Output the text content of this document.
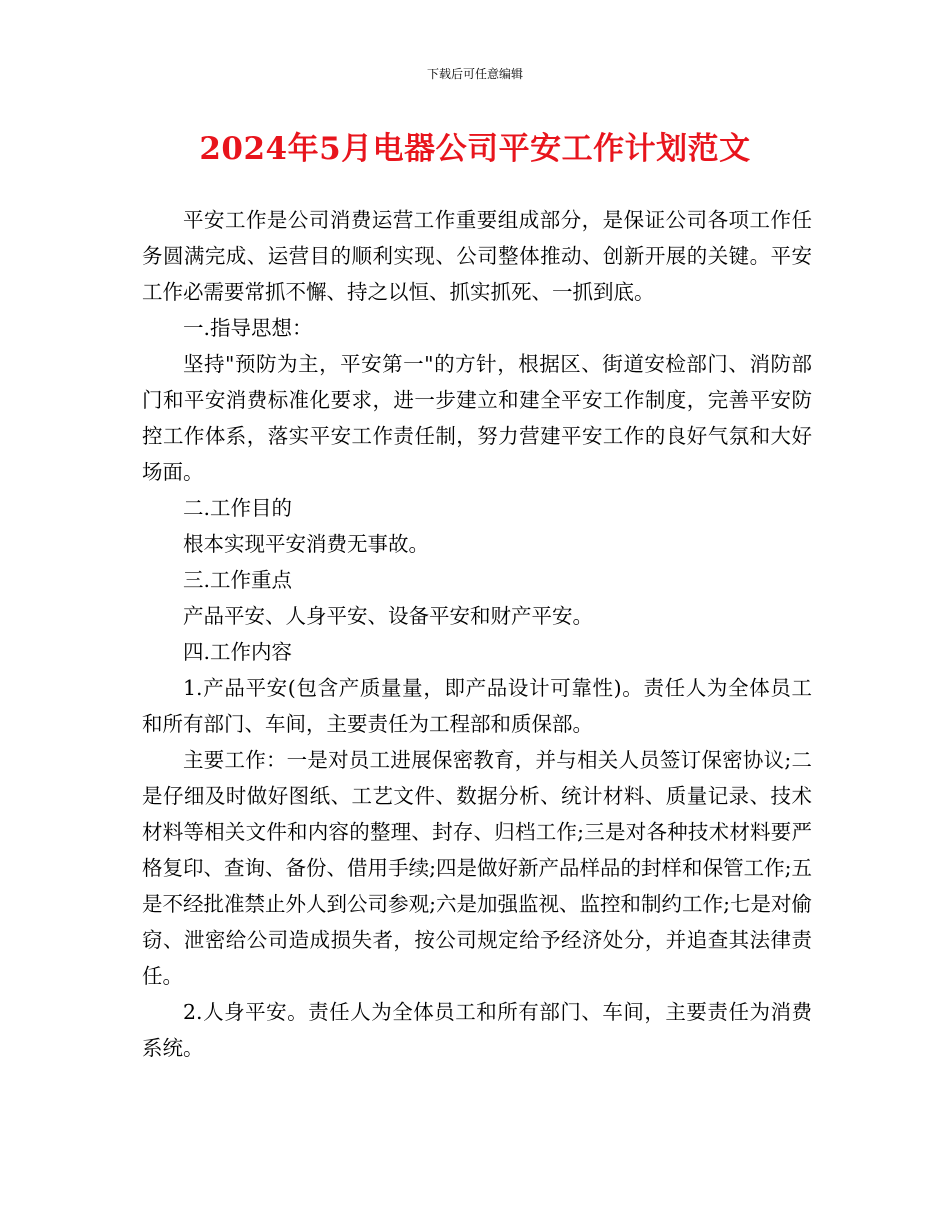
下载后可任意编辑
2024年5月电器公司平安工作计划范文

平安工作是公司消费运营工作重要组成部分，是保证公司各项工作任务圆满完成、运营目的顺利实现、公司整体推动、创新开展的关键。平安工作必需要常抓不懈、持之以恒、抓实抓死、一抓到底。

一.指导思想：

坚持"预防为主，平安第一"的方针，根据区、街道安检部门、消防部门和平安消费标准化要求，进一步建立和建全平安工作制度，完善平安防控工作体系，落实平安工作责任制，努力营建平安工作的良好气氛和大好场面。

二.工作目的

根本实现平安消费无事故。

三.工作重点

产品平安、人身平安、设备平安和财产平安。

四.工作内容

1.产品平安(包含产质量量，即产品设计可靠性)。责任人为全体员工和所有部门、车间，主要责任为工程部和质保部。

主要工作：一是对员工进展保密教育，并与相关人员签订保密协议;二是仔细及时做好图纸、工艺文件、数据分析、统计材料、质量记录、技术材料等相关文件和内容的整理、封存、归档工作;三是对各种技术材料要严格复印、查询、备份、借用手续;四是做好新产品样品的封样和保管工作;五是不经批准禁止外人到公司参观;六是加强监视、监控和制约工作;七是对偷窃、泄密给公司造成损失者，按公司规定给予经济处分，并追查其法律责任。

2.人身平安。责任人为全体员工和所有部门、车间，主要责任为消费系统。
